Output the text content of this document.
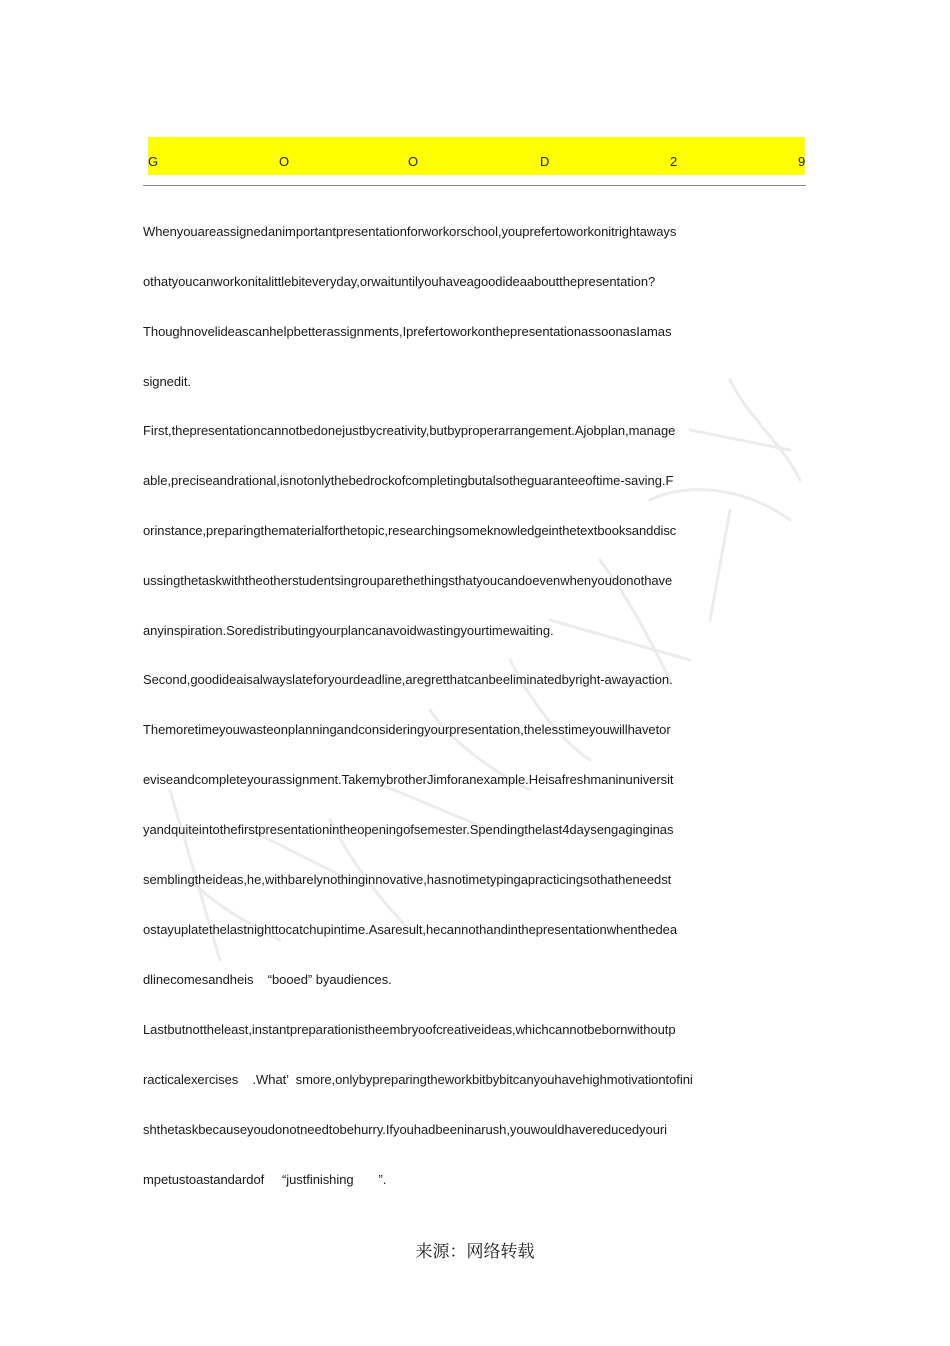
G	O	O	D	2	9
Whenyouareassignedanimportantpresentationforworkorschool,youprefertoworkonitrightaways
othatyoucanworkonitalittlebiteveryday,orwaituntilyouhaveagoodideaaboutthepresentation?
Thoughnovelideascanhelpbetterassignments,IprefertoworkonthepresentationassoonasIamas
signedit.
First,thepresentationcannotbedonejustbycreativity,butbyproperarrangement.Ajobplan,manage
able,preciseandrational,isnotonlythebedrockofcompletingbutalsotheguaranteeoftime-saving.F
orinstance,preparingthematerialforthetopic,researchingsomeknowledgeinthetextbooksanddisc
ussingthetaskwiththeotherstudentsingrouparethethingsthatyoucandoevenwhenyoudonothave
anyinspiration.Soredistributingyourplancanavoidwastingyourtimewaiting.
Second,goodideaisalwayslateforyourdeadline,aregretthatcanbeeliminatedbyright-awayaction.
Themoretimeyouwasteonplanningandconsideringyourpresentation,thelesstimeyouwillhavetor
eviseandcompleteyourassignment.TakemybrotherJimforanexample.Heisafreshmaninuniversit
yandquiteintothefirstpresentationintheopeningofsemester.Spendingthelast4daysengaginginas
semblingtheideas,he,withbarelynothinginnovative,hasnotimetypingapracticingsothatheneedst
ostayuplatethelastnighttocatchupintime.Asaresult,hecannothandinthepresentationwhenthedea
dlinecomesandheis    “booed” byaudiences.
Lastbutnottheleast,instantpreparationistheembryoofcreativeideas,whichcannotbebornwithoutp
racticalexercises    .What’  smore,onlybypreparingtheworkbitbybitcanyouhavehighmotivationtofini
shthetaskbecauseyoudonotneedtobehurry.Ifyouhadbeeninarush,youwouldhavereducedyouri
mpetustoastandardof     “justfinishing       ”.
来源：网络转载
